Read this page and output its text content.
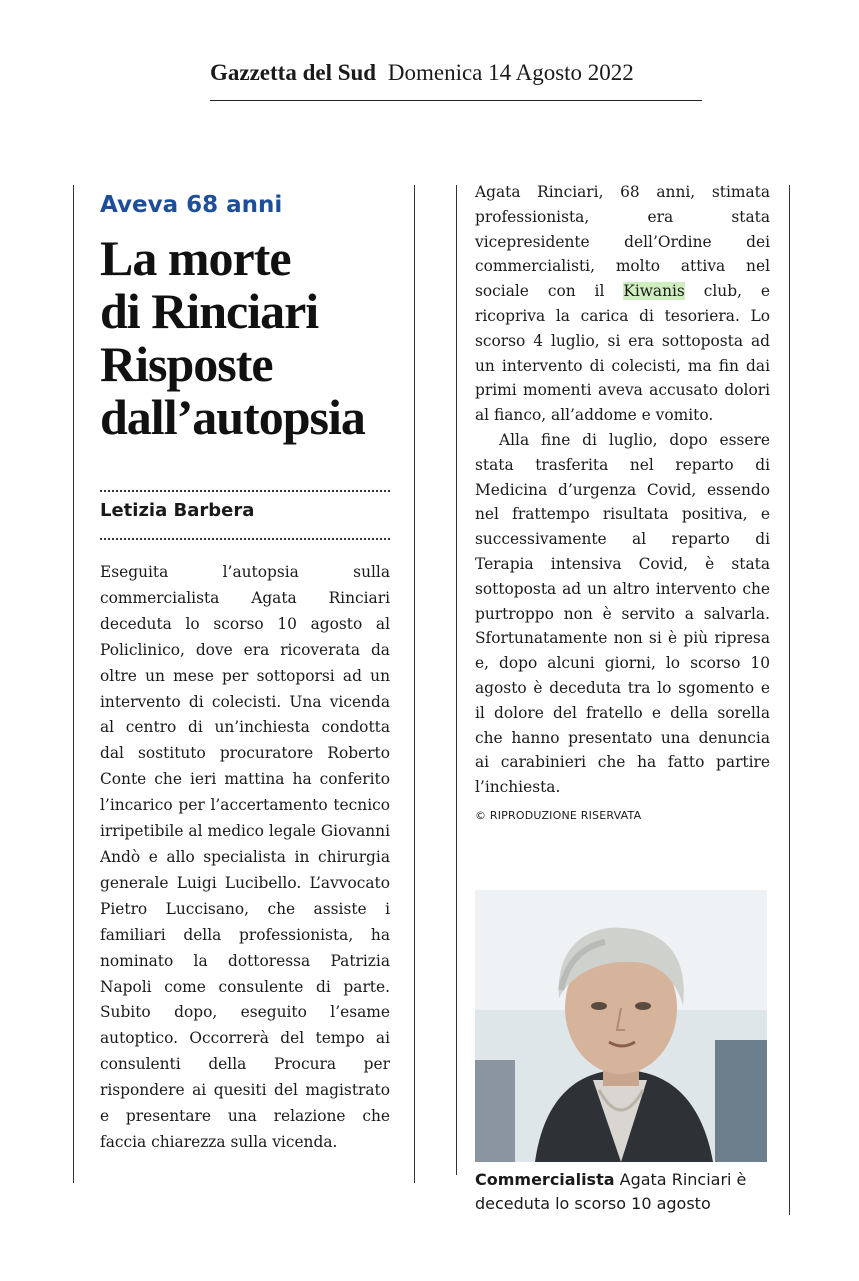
Gazzetta del Sud Domenica 14 Agosto 2022
Aveva 68 anni
La morte
di Rinciari
Risposte
dall’autopsia
Letizia Barbera
Eseguita l’autopsia sulla commercialista Agata Rinciari deceduta lo scorso 10 agosto al Policlinico, dove era ricoverata da oltre un mese per sottoporsi ad un intervento di colecisti. Una vicenda al centro di un’inchiesta condotta dal sostituto procuratore Roberto Conte che ieri mattina ha conferito l’incarico per l’accertamento tecnico irripetibile al medico legale Giovanni Andò e allo specialista in chirurgia generale Luigi Lucibello. L’avvocato Pietro Luccisano, che assiste i familiari della professionista, ha nominato la dottoressa Patrizia Napoli come consulente di parte. Subito dopo, eseguito l’esame autoptico. Occorrerà del tempo ai consulenti della Procura per rispondere ai quesiti del magistrato e presentare una relazione che faccia chiarezza sulla vicenda.

Agata Rinciari, 68 anni, stimata professionista, era stata vicepresidente dell’Ordine dei commercialisti, molto attiva nel sociale con il Kiwanis club, e ricopriva la carica di tesoriera. Lo scorso 4 luglio, si era sottoposta ad un intervento di colecisti, ma fin dai primi momenti aveva accusato dolori al fianco, all’addome e vomito.

Alla fine di luglio, dopo essere stata trasferita nel reparto di Medicina d’urgenza Covid, essendo nel frattempo risultata positiva, e successivamente al reparto di Terapia intensiva Covid, è stata sottoposta ad un altro intervento che purtroppo non è servito a salvarla. Sfortunatamente non si è più ripresa e, dopo alcuni giorni, lo scorso 10 agosto è deceduta tra lo sgomento e il dolore del fratello e della sorella che hanno presentato una denuncia ai carabinieri che ha fatto partire l’inchiesta.

© RIPRODUZIONE RISERVATA
Commercialista Agata Rinciari è deceduta lo scorso 10 agosto
